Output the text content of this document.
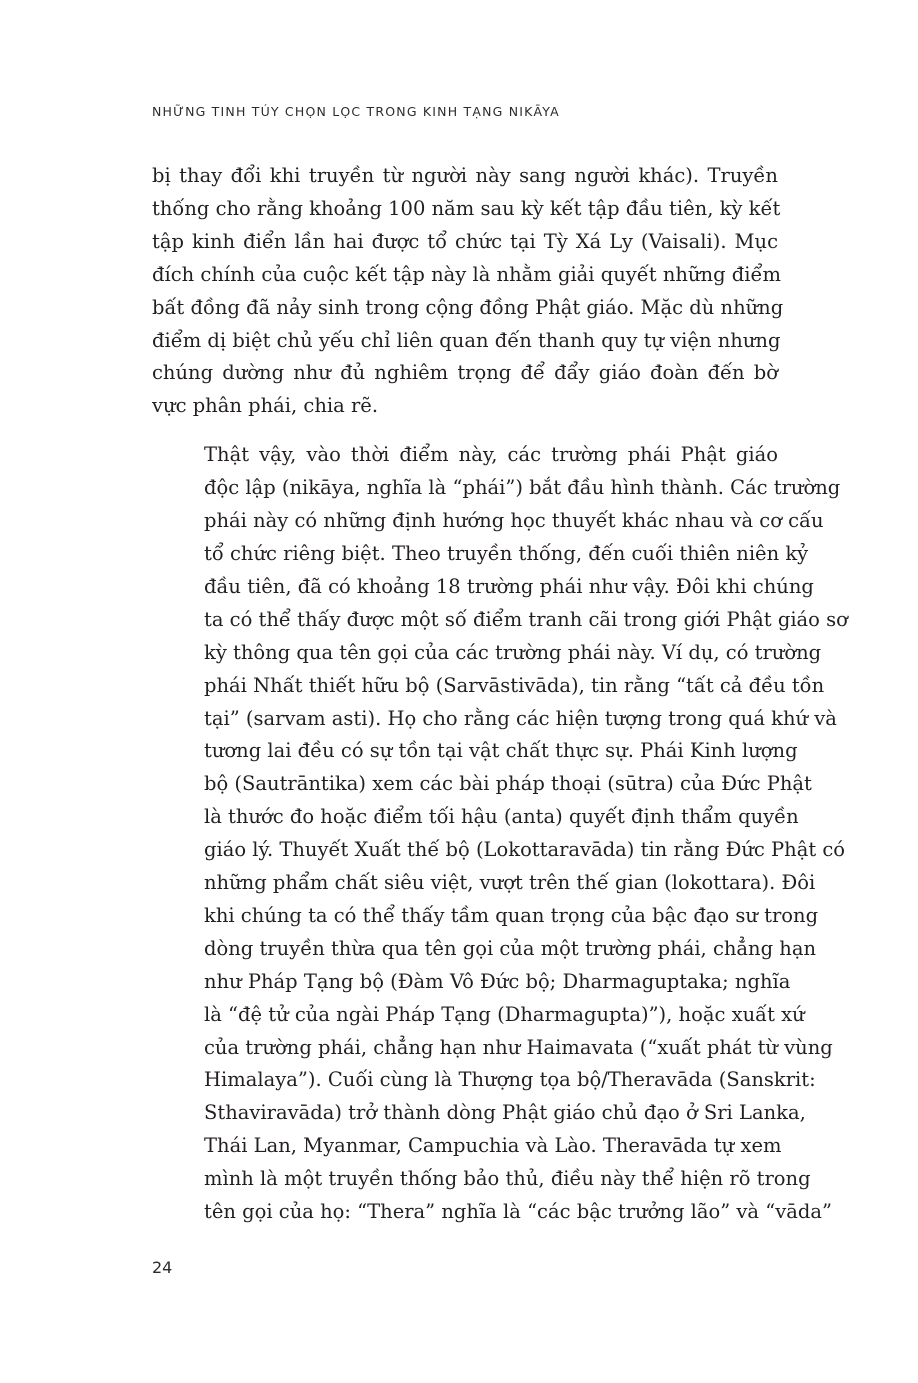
NHỮNG TINH TÚY CHỌN LỌC TRONG KINH TẠNG NIKĀYA

bị thay đổi khi truyền từ người này sang người khác). Truyền
thống cho rằng khoảng 100 năm sau kỳ kết tập đầu tiên, kỳ kết
tập kinh điển lần hai được tổ chức tại Tỳ Xá Ly (Vaisali). Mục
đích chính của cuộc kết tập này là nhằm giải quyết những điểm
bất đồng đã nảy sinh trong cộng đồng Phật giáo. Mặc dù những
điểm dị biệt chủ yếu chỉ liên quan đến thanh quy tự viện nhưng
chúng dường như đủ nghiêm trọng để đẩy giáo đoàn đến bờ
vực phân phái, chia rẽ.

Thật vậy, vào thời điểm này, các trường phái Phật giáo
độc lập (nikāya, nghĩa là “phái”) bắt đầu hình thành. Các trường
phái này có những định hướng học thuyết khác nhau và cơ cấu
tổ chức riêng biệt. Theo truyền thống, đến cuối thiên niên kỷ
đầu tiên, đã có khoảng 18 trường phái như vậy. Đôi khi chúng
ta có thể thấy được một số điểm tranh cãi trong giới Phật giáo sơ
kỳ thông qua tên gọi của các trường phái này. Ví dụ, có trường
phái Nhất thiết hữu bộ (Sarvāstivāda), tin rằng “tất cả đều tồn
tại” (sarvam asti). Họ cho rằng các hiện tượng trong quá khứ và
tương lai đều có sự tồn tại vật chất thực sự. Phái Kinh lượng
bộ (Sautrāntika) xem các bài pháp thoại (sūtra) của Đức Phật
là thước đo hoặc điểm tối hậu (anta) quyết định thẩm quyền
giáo lý. Thuyết Xuất thế bộ (Lokottaravāda) tin rằng Đức Phật có
những phẩm chất siêu việt, vượt trên thế gian (lokottara). Đôi
khi chúng ta có thể thấy tầm quan trọng của bậc đạo sư trong
dòng truyền thừa qua tên gọi của một trường phái, chẳng hạn
như Pháp Tạng bộ (Đàm Vô Đức bộ; Dharmaguptaka; nghĩa
là “đệ tử của ngài Pháp Tạng (Dharmagupta)”), hoặc xuất xứ
của trường phái, chẳng hạn như Haimavata (“xuất phát từ vùng
Himalaya”). Cuối cùng là Thượng tọa bộ/Theravāda (Sanskrit:
Sthaviravāda) trở thành dòng Phật giáo chủ đạo ở Sri Lanka,
Thái Lan, Myanmar, Campuchia và Lào. Theravāda tự xem
mình là một truyền thống bảo thủ, điều này thể hiện rõ trong
tên gọi của họ: “Thera” nghĩa là “các bậc trưởng lão” và “vāda”

24
